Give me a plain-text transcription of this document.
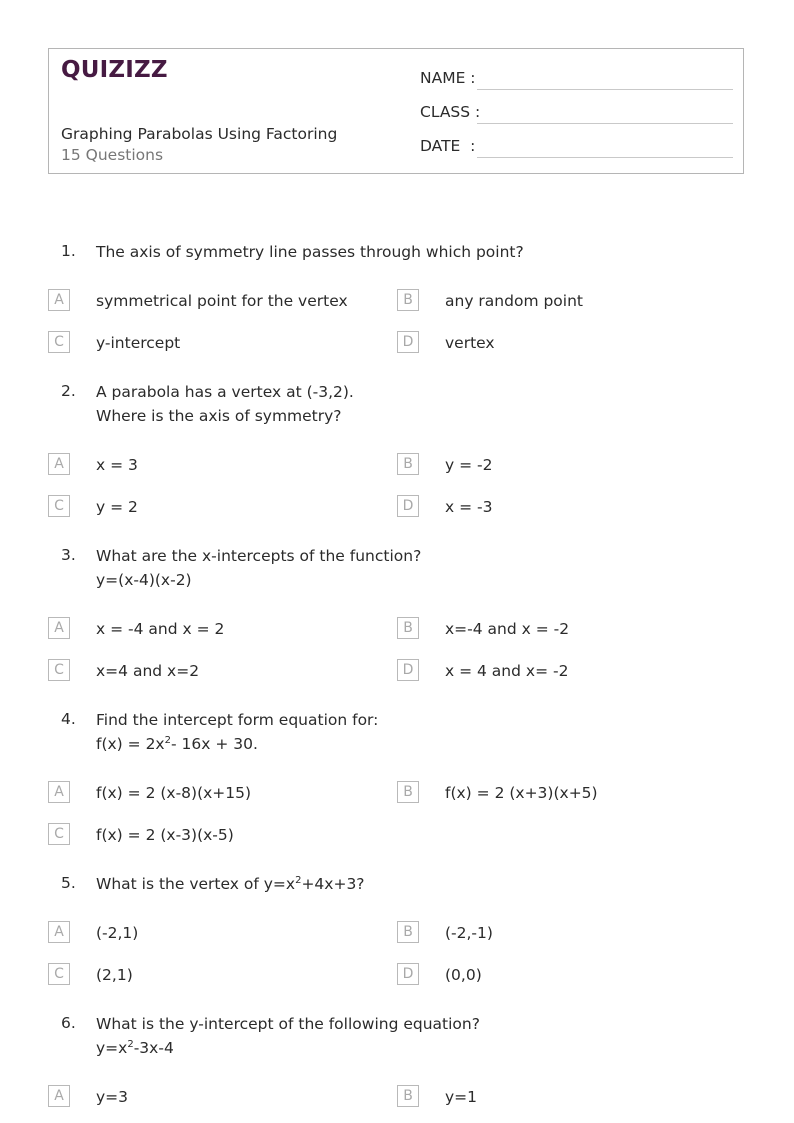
QUIZIZZ
Graphing Parabolas Using Factoring
15 Questions
NAME :
CLASS :
DATE  :
1. The axis of symmetry line passes through which point?
A	symmetrical point for the vertex	B	any random point
C	y-intercept	D	vertex
2. A parabola has a vertex at (-3,2).
Where is the axis of symmetry?
A	x = 3	B	y = -2
C	y = 2	D	x = -3
3. What are the x-intercepts of the function?
y=(x-4)(x-2)
A	x = -4 and x = 2	B	x=-4 and x = -2
C	x=4 and x=2	D	x = 4 and x= -2
4. Find the intercept form equation for:
$f(x) = 2x^2-$ 16x + 30.
A	f(x) = 2 (x-8)(x+15)	B	f(x) = 2 (x+3)(x+5)
C	f(x) = 2 (x-3)(x-5)
5. What is the vertex of $y=x^2+4x+3$?
A	(-2,1)	B	(-2,-1)
C	(2,1)	D	(0,0)
6. What is the y-intercept of the following equation?
$y=x^2-3x-4$
A	y=3	B	y=1
